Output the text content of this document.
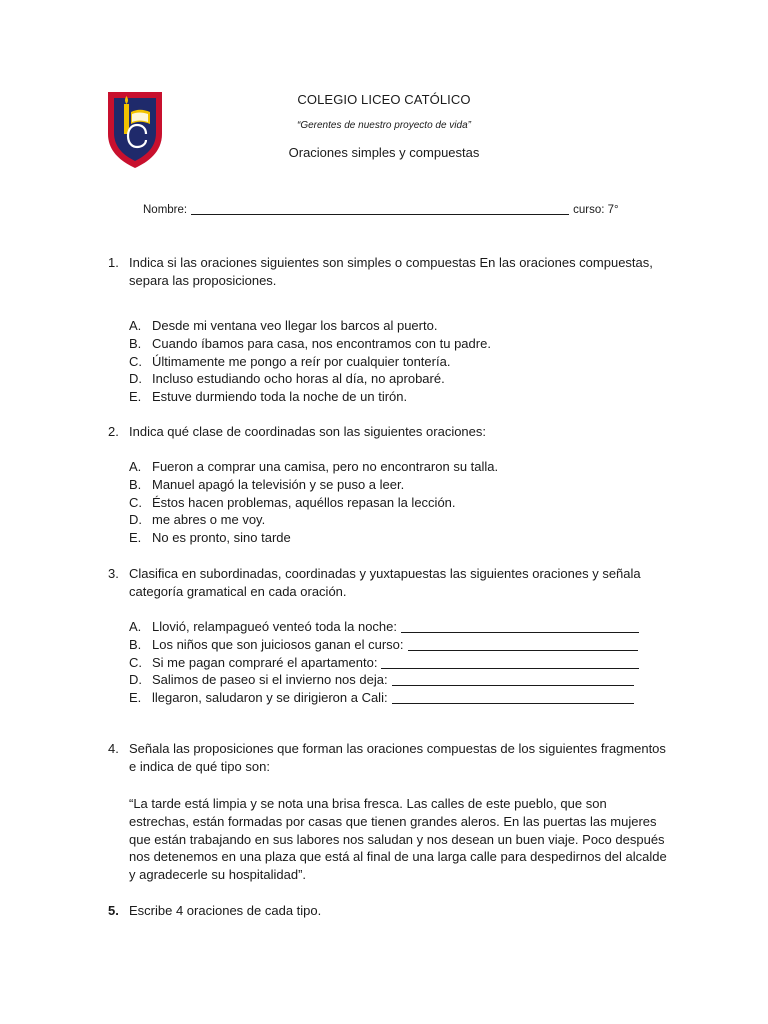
COLEGIO LICEO CATÓLICO
“Gerentes de nuestro proyecto de vida”
Oraciones simples y compuestas
Nombre:	curso: 7°
1. Indica si las oraciones siguientes son simples o compuestas En las oraciones compuestas, separa las proposiciones.
A. Desde mi ventana veo llegar los barcos al puerto.
B. Cuando íbamos para casa, nos encontramos con tu padre.
C. Últimamente me pongo a reír por cualquier tontería.
D. Incluso estudiando ocho horas al día, no aprobaré.
E. Estuve durmiendo toda la noche de un tirón.
2. Indica qué clase de coordinadas son las siguientes oraciones:
A. Fueron a comprar una camisa, pero no encontraron su talla.
B. Manuel apagó la televisión y se puso a leer.
C. Éstos hacen problemas, aquéllos repasan la lección.
D. me abres o me voy.
E. No es pronto, sino tarde
3. Clasifica en subordinadas, coordinadas y yuxtapuestas las siguientes oraciones y señala categoría gramatical en cada oración.
A. Llovió, relampagueó venteó toda la noche:
B. Los niños que son juiciosos ganan el curso:
C. Si me pagan compraré el apartamento:
D. Salimos de paseo si el invierno nos deja:
E. llegaron, saludaron y se dirigieron a Cali:
4. Señala las proposiciones que forman las oraciones compuestas de los siguientes fragmentos e indica de qué tipo son:
“La tarde está limpia y se nota una brisa fresca. Las calles de este pueblo, que son estrechas, están formadas por casas que tienen grandes aleros. En las puertas las mujeres que están trabajando en sus labores nos saludan y nos desean un buen viaje. Poco después nos detenemos en una plaza que está al final de una larga calle para despedirnos del alcalde y agradecerle su hospitalidad”.
5. Escribe 4 oraciones de cada tipo.
